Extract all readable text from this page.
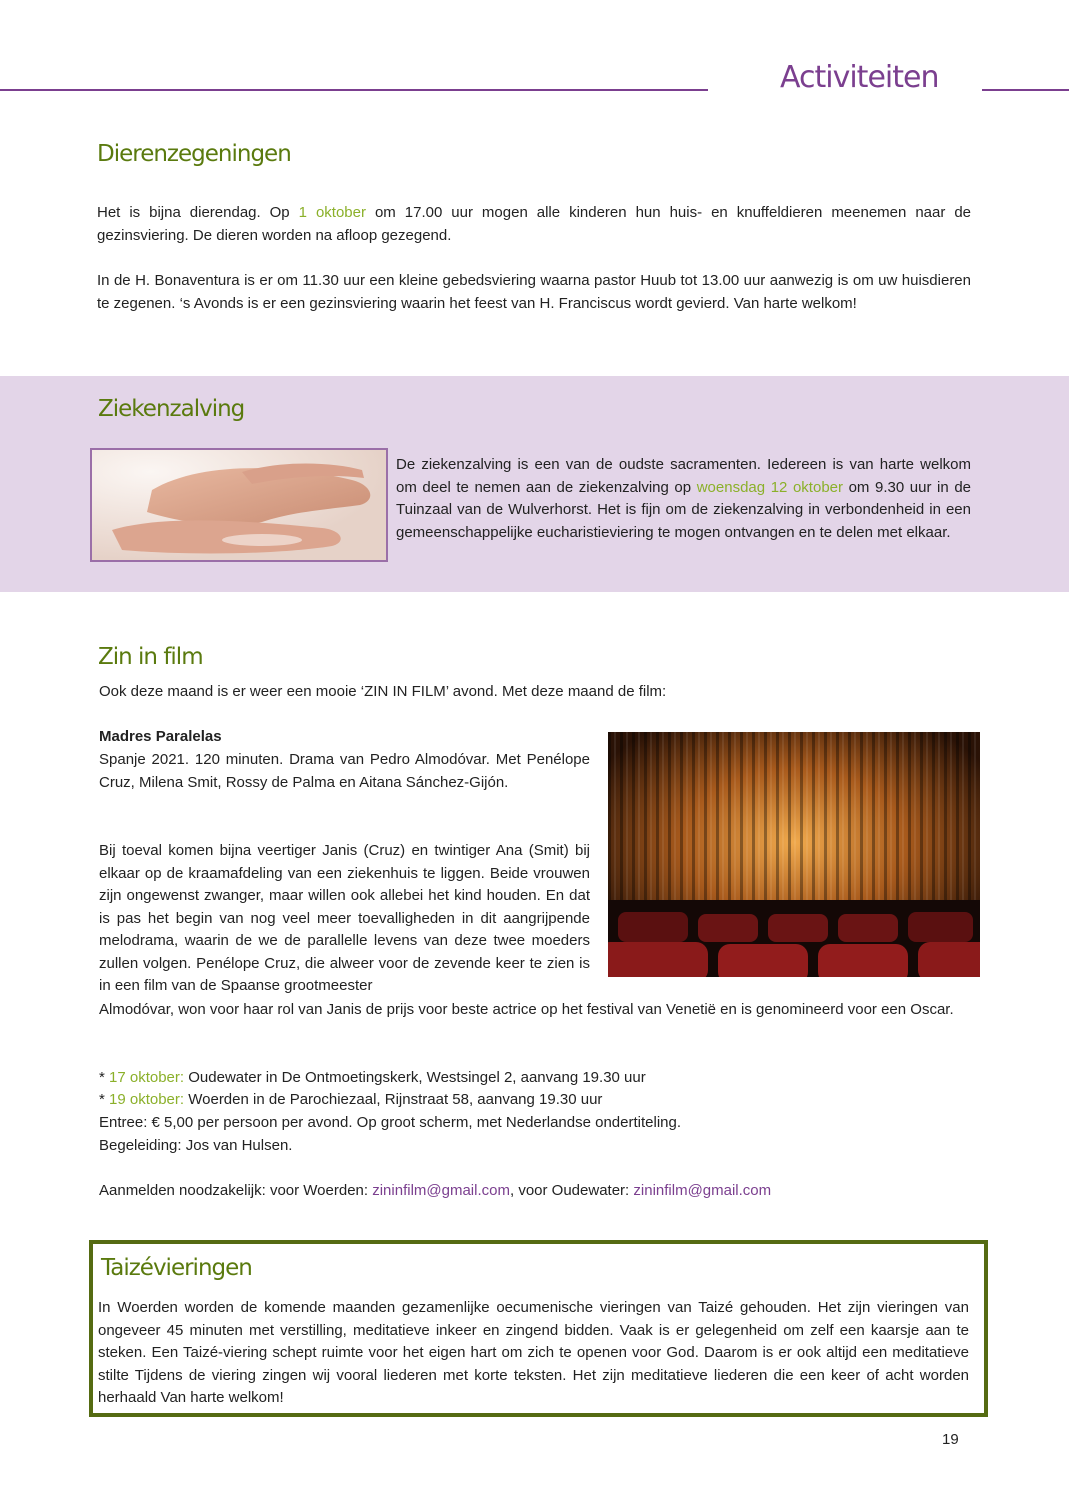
Activiteiten
Dierenzegeningen

Het is bijna dierendag. Op 1 oktober om 17.00 uur mogen alle kinderen hun huis- en knuffeldieren meenemen naar de gezinsviering. De dieren worden na afloop gezegend.

In de H. Bonaventura is er om 11.30 uur een kleine gebedsviering waarna pastor Huub tot 13.00 uur aanwezig is om uw huisdieren te zegenen. ‘s Avonds is er een gezinsviering waarin het feest van H. Franciscus wordt gevierd. Van harte welkom!

Ziekenzalving

De ziekenzalving is een van de oudste sacramenten. Iedereen is van harte welkom om deel te nemen aan de ziekenzalving op woensdag 12 oktober om 9.30 uur in de Tuinzaal van de Wulverhorst. Het is fijn om de ziekenzalving in verbondenheid in een gemeenschappelijke eucharistieviering te mogen ontvangen en te delen met elkaar.

Zin in film

Ook deze maand is er weer een mooie ‘ZIN IN FILM’ avond. Met deze maand de film:

Madres Paralelas

Spanje 2021. 120 minuten. Drama van Pedro Almodóvar. Met Penélope Cruz, Milena Smit, Rossy de Palma en Aitana Sánchez-Gijón.

Bij toeval komen bijna veertiger Janis (Cruz) en twintiger Ana (Smit) bij elkaar op de kraamafdeling van een ziekenhuis te liggen. Beide vrouwen zijn ongewenst zwanger, maar willen ook allebei het kind houden. En dat is pas het begin van nog veel meer toevalligheden in dit aangrijpende melodrama, waarin de we de parallelle levens van deze twee moeders zullen volgen. Penélope Cruz, die alweer voor de zevende keer te zien is in een film van de Spaanse grootmeester

Almodóvar, won voor haar rol van Janis de prijs voor beste actrice op het festival van Venetië en is genomineerd voor een Oscar.

* 17 oktober: Oudewater in De Ontmoetingskerk, Westsingel 2, aanvang 19.30 uur

* 19 oktober: Woerden in de Parochiezaal, Rijnstraat 58, aanvang 19.30 uur

Entree: € 5,00 per persoon per avond. Op groot scherm, met Nederlandse ondertiteling.

Begeleiding: Jos van Hulsen.

Aanmelden noodzakelijk: voor Woerden: zininfilm@gmail.com, voor Oudewater: zininfilm@gmail.com

Taizévieringen

In Woerden worden de komende maanden gezamenlijke oecumenische vieringen van Taizé gehouden. Het zijn vieringen van ongeveer 45 minuten met verstilling, meditatieve inkeer en zingend bidden. Vaak is er gelegenheid om zelf een kaarsje aan te steken. Een Taizé-viering schept ruimte voor het eigen hart om zich te openen voor God. Daarom is er ook altijd een meditatieve stilte Tijdens de viering zingen wij vooral liederen met korte teksten. Het zijn meditatieve liederen die een keer of acht worden herhaald Van harte welkom!

19
